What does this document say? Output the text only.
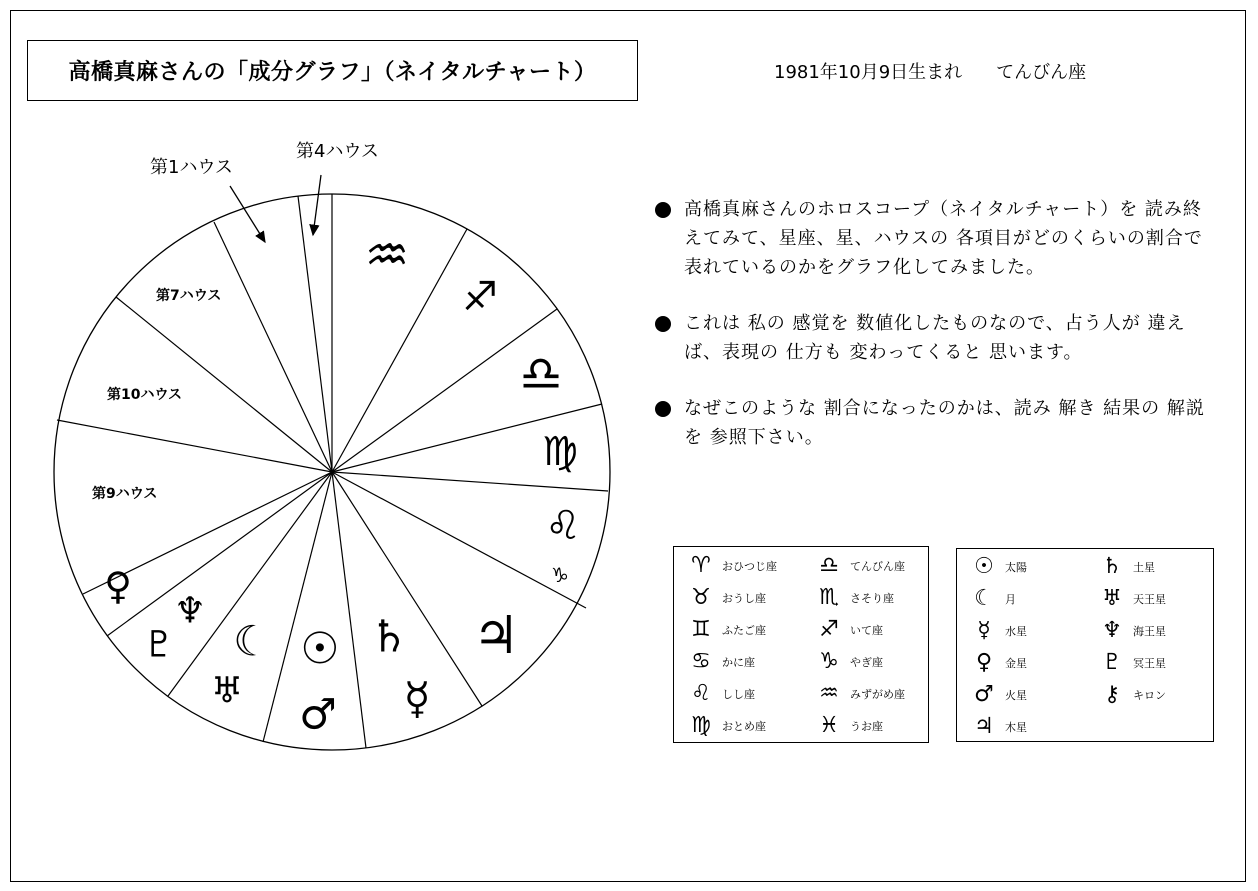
高橋真麻さんの「成分グラフ」（ネイタルチャート）	1981年10月9日生まれ てんびん座
第1ハウス
第4ハウス
第7ハウス
第10ハウス
第9ハウス
♒
♐
♎
♍
♌
♑
♃
♄
☿
☉
♂
☾
♅
♇
♆
♀
高橋真麻さんのホロスコープ（ネイタルチャート）を 読み終えてみて、星座、星、ハウスの 各項目がどのくらいの割合で表れているのかをグラフ化してみました。
これは 私の 感覚を 数値化したものなので、占う人が 違えば、表現の 仕方も 変わってくると 思います。
なぜこのような 割合になったのかは、読み 解き 結果の 解説を 参照下さい。
♈	おひつじ座 ♎	てんびん座
♉	おうし座 ♏	さそり座
♊	ふたご座 ♐	いて座
♋	かに座	♑	やぎ座
♌	しし座	♒	みずがめ座
♍	おとめ座 ♓	うお座
☉	太陽	♄	土星
☾	月	♅	天王星
☿	水星	♆	海王星
♀	金星	♇	冥王星
♂	火星	⚷	キロン
♃	木星
